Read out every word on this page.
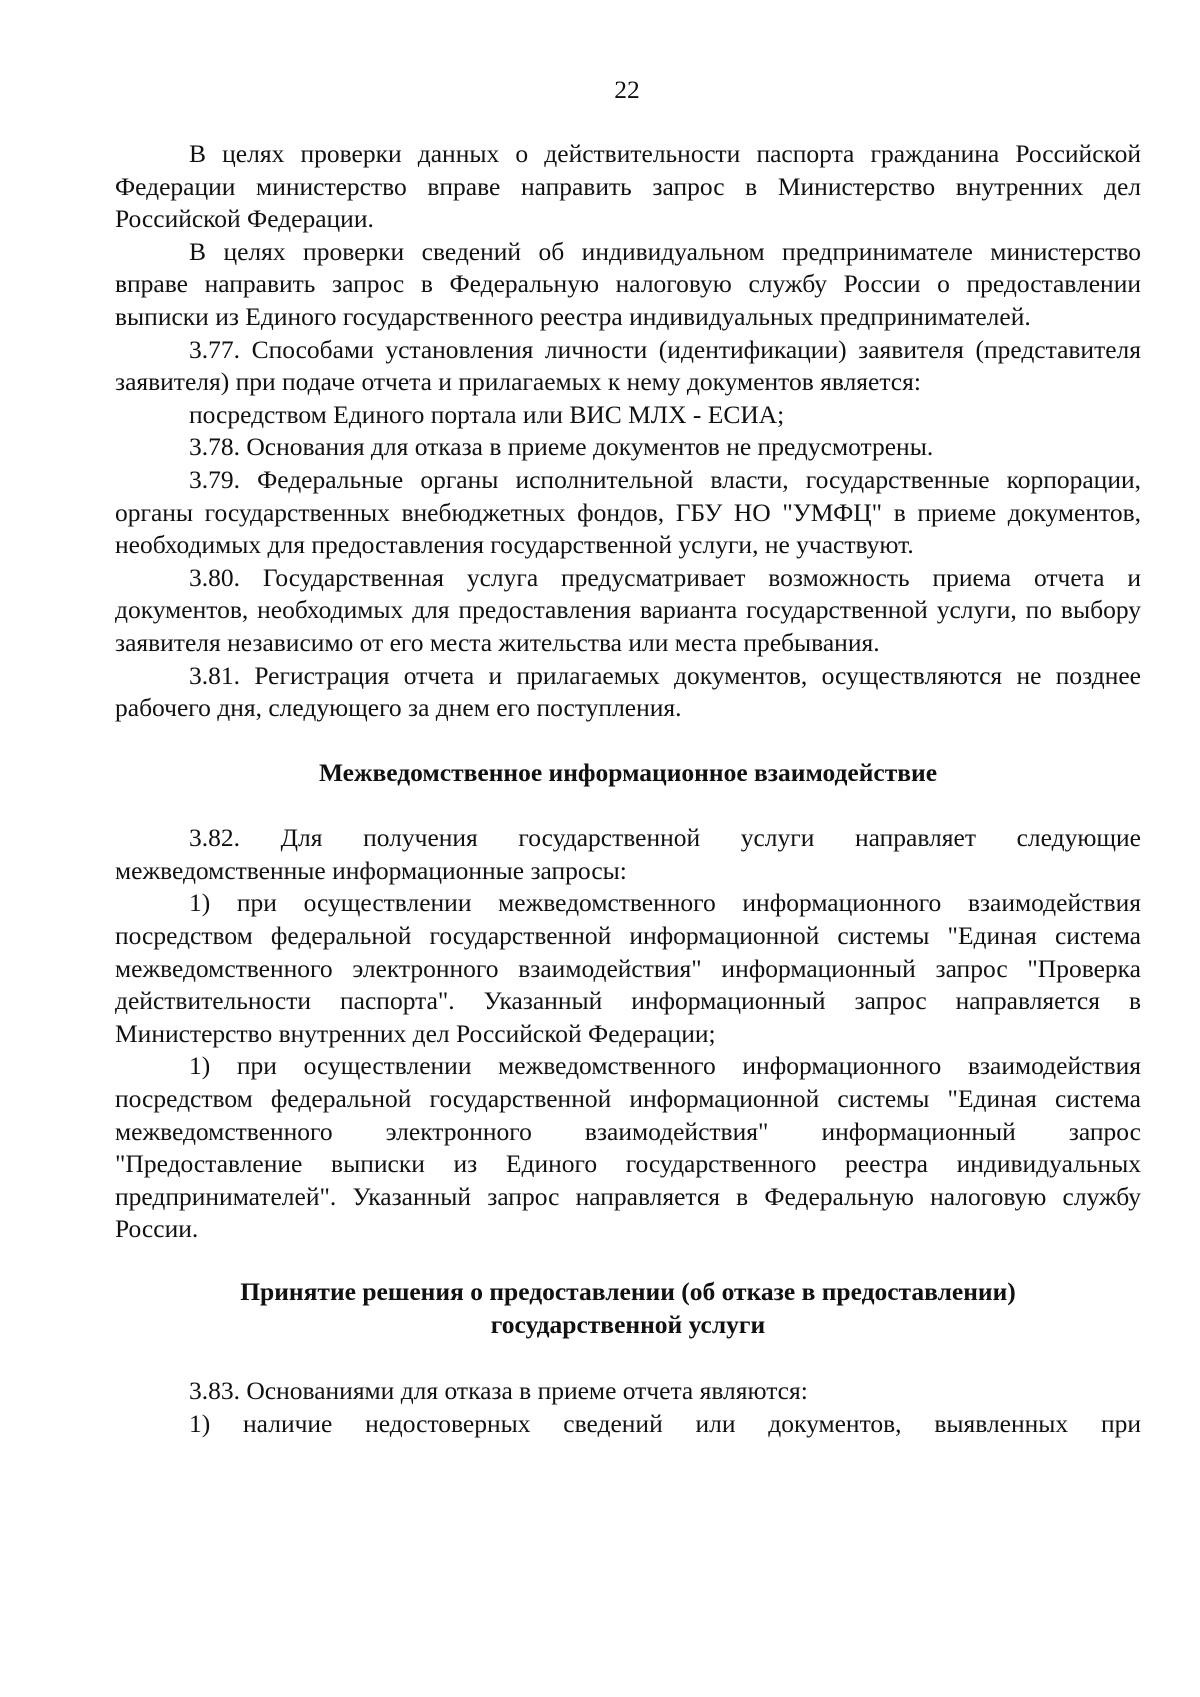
22

В целях проверки данных о действительности паспорта гражданина Российской Федерации министерство вправе направить запрос в Министерство внутренних дел Российской Федерации.

В целях проверки сведений об индивидуальном предпринимателе министерство вправе направить запрос в Федеральную налоговую службу России о предоставлении выписки из Единого государственного реестра индивидуальных предпринимателей.

3.77. Способами установления личности (идентификации) заявителя (представителя заявителя) при подаче отчета и прилагаемых к нему документов является:

посредством Единого портала или ВИС МЛХ - ЕСИА;

3.78. Основания для отказа в приеме документов не предусмотрены.

3.79. Федеральные органы исполнительной власти, государственные корпорации, органы государственных внебюджетных фондов, ГБУ НО "УМФЦ" в приеме документов, необходимых для предоставления государственной услуги, не участвуют.

3.80. Государственная услуга предусматривает возможность приема отчета и документов, необходимых для предоставления варианта государственной услуги, по выбору заявителя независимо от его места жительства или места пребывания.

3.81. Регистрация отчета и прилагаемых документов, осуществляются не позднее рабочего дня, следующего за днем его поступления.

Межведомственное информационное взаимодействие

3.82. Для получения государственной услуги направляет следующие межведомственные информационные запросы:

1) при осуществлении межведомственного информационного взаимодействия посредством федеральной государственной информационной системы "Единая система межведомственного электронного взаимодействия" информационный запрос "Проверка действительности паспорта". Указанный информационный запрос направляется в Министерство внутренних дел Российской Федерации;

1) при осуществлении межведомственного информационного взаимодействия посредством федеральной государственной информационной системы "Единая система межведомственного электронного взаимодействия" информационный запрос "Предоставление выписки из Единого государственного реестра индивидуальных предпринимателей". Указанный запрос направляется в Федеральную налоговую службу России.

Принятие решения о предоставлении (об отказе в предоставлении) государственной услуги

3.83. Основаниями для отказа в приеме отчета являются:

1) наличие недостоверных сведений или документов, выявленных при
